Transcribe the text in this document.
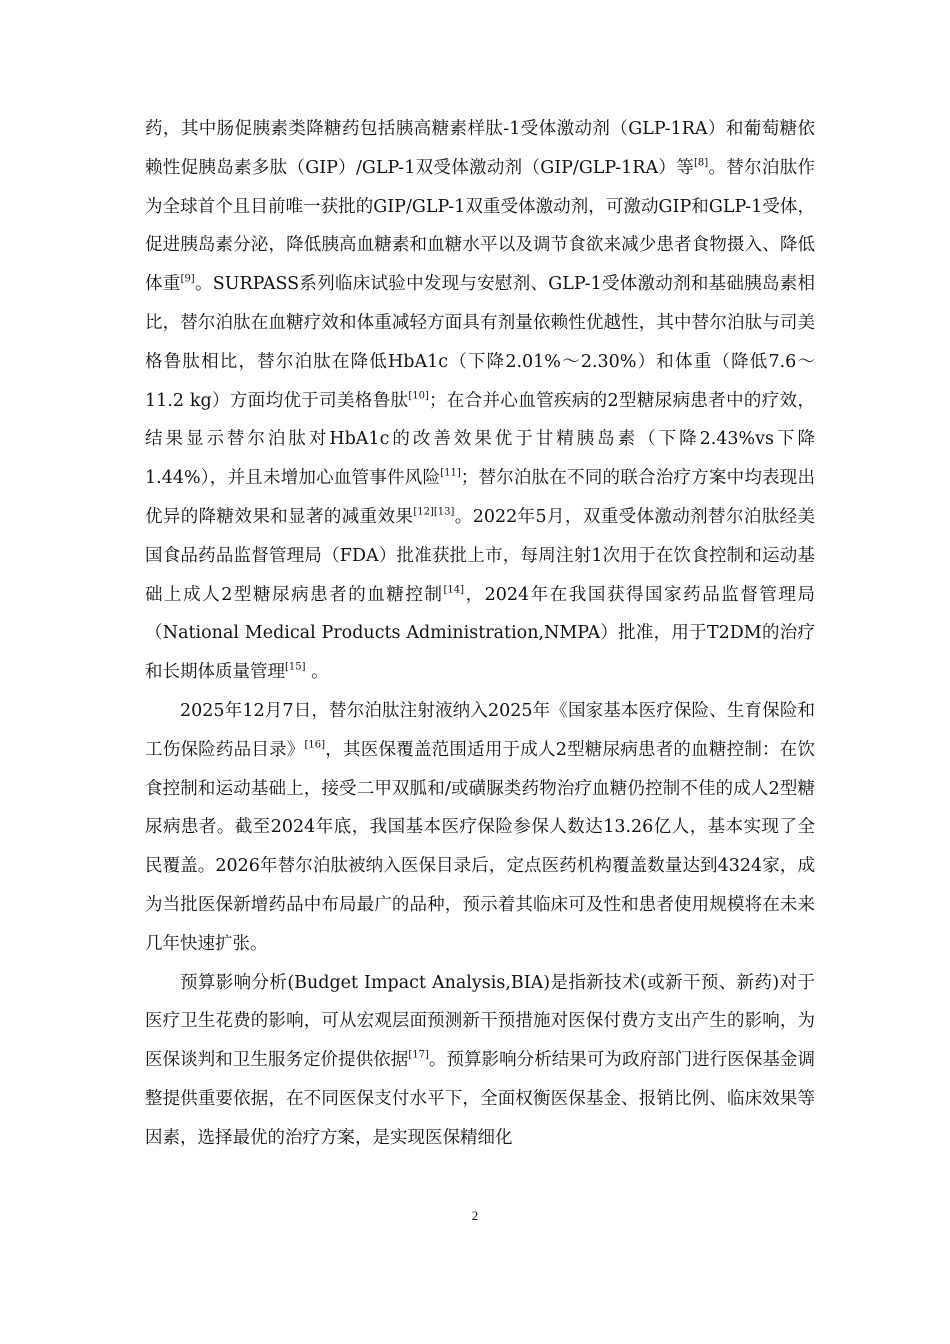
药，其中肠促胰素类降糖药包括胰高糖素样肽-1受体激动剂（GLP-1RA）和葡萄糖依赖性促胰岛素多肽（GIP）/GLP-1双受体激动剂（GIP/GLP-1RA）等[8]。替尔泊肽作为全球首个且目前唯一获批的GIP/GLP-1双重受体激动剂，可激动GIP和GLP-1受体，促进胰岛素分泌，降低胰高血糖素和血糖水平以及调节食欲来减少患者食物摄入、降低体重[9]。SURPASS系列临床试验中发现与安慰剂、GLP-1受体激动剂和基础胰岛素相比，替尔泊肽在血糖疗效和体重减轻方面具有剂量依赖性优越性，其中替尔泊肽与司美格鲁肽相比，替尔泊肽在降低HbA1c（下降2.01%～2.30%）和体重（降低7.6～11.2 kg）方面均优于司美格鲁肽[10]；在合并心血管疾病的2型糖尿病患者中的疗效，结果显示替尔泊肽对HbA1c的改善效果优于甘精胰岛素（下降2.43%vs下降1.44%），并且未增加心血管事件风险[11]；替尔泊肽在不同的联合治疗方案中均表现出优异的降糖效果和显著的减重效果[12][13]。2022年5月，双重受体激动剂替尔泊肽经美国食品药品监督管理局（FDA）批准获批上市，每周注射1次用于在饮食控制和运动基础上成人2型糖尿病患者的血糖控制[14]，2024年在我国获得国家药品监督管理局（National Medical Products Administration,NMPA）批准，用于T2DM的治疗和长期体质量管理[15] 。

2025年12月7日，替尔泊肽注射液纳入2025年《国家基本医疗保险、生育保险和工伤保险药品目录》[16]，其医保覆盖范围适用于成人2型糖尿病患者的血糖控制：在饮食控制和运动基础上，接受二甲双胍和/或磺脲类药物治疗血糖仍控制不佳的成人2型糖尿病患者。截至2024年底，我国基本医疗保险参保人数达13.26亿人，基本实现了全民覆盖。2026年替尔泊肽被纳入医保目录后，定点医药机构覆盖数量达到4324家，成为当批医保新增药品中布局最广的品种，预示着其临床可及性和患者使用规模将在未来几年快速扩张。

预算影响分析(Budget Impact Analysis,BIA)是指新技术(或新干预、新药)对于医疗卫生花费的影响，可从宏观层面预测新干预措施对医保付费方支出产生的影响，为医保谈判和卫生服务定价提供依据[17]。预算影响分析结果可为政府部门进行医保基金调整提供重要依据，在不同医保支付水平下，全面权衡医保基金、报销比例、临床效果等因素，选择最优的治疗方案，是实现医保精细化

2
